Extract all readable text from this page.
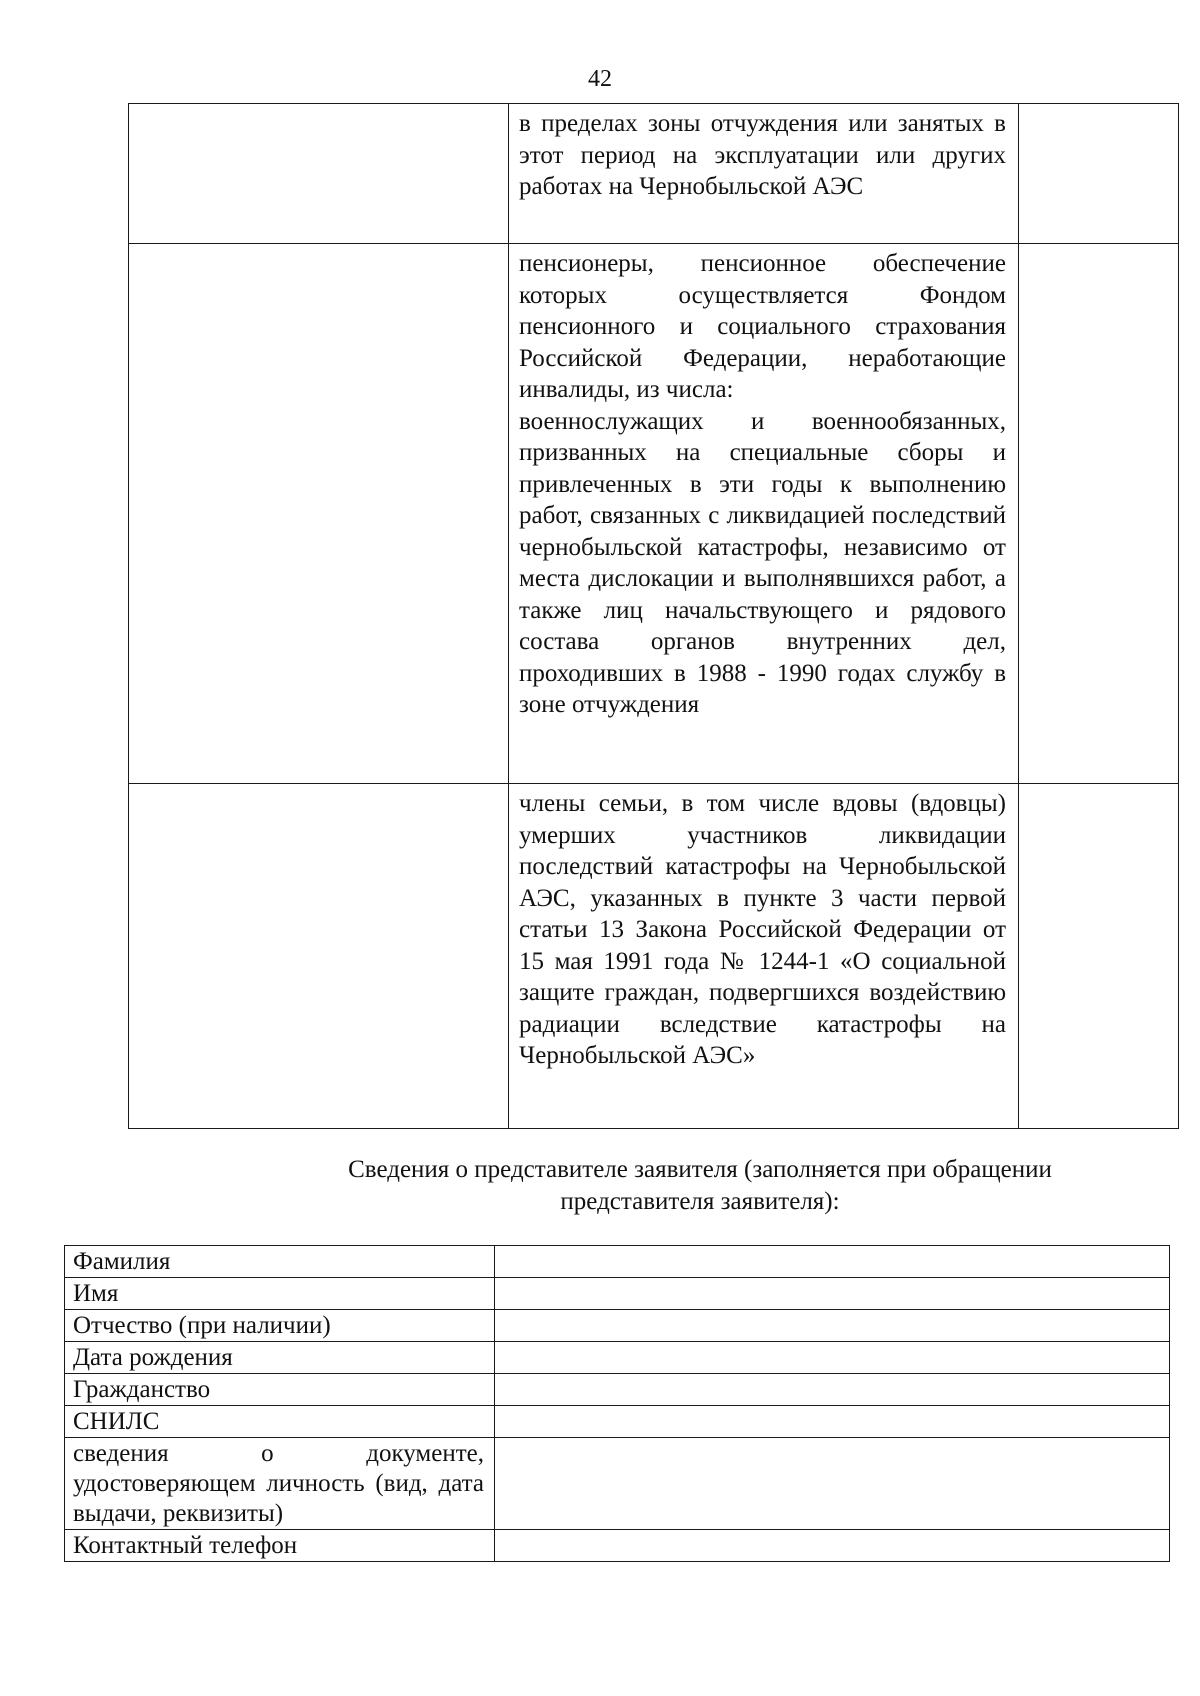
42

	в пределах зоны отчуждения или занятых в этот период на эксплуатации или других работах на Чернобыльской АЭС	

	пенсионеры, пенсионное обеспечение которых осуществляется Фондом пенсионного и социального страхования Российской Федерации, неработающие инвалиды, из числа:

военнослужащих и военнообязанных, призванных на специальные сборы и привлеченных в эти годы к выполнению работ, связанных с ликвидацией последствий чернобыльской катастрофы, независимо от места дислокации и выполнявшихся работ, а также лиц начальствующего и рядового состава органов внутренних дел, проходивших в 1988 - 1990 годах службу в зоне отчуждения	

	члены семьи, в том числе вдовы (вдовцы) умерших участников ликвидации последствий катастрофы на Чернобыльской АЭС, указанных в пункте 3 части первой статьи 13 Закона Российской Федерации от 15 мая 1991 года № 1244-1 «О социальной защите граждан, подвергшихся воздействию радиации вследствие катастрофы на Чернобыльской АЭС»	

Сведения о представителе заявителя (заполняется при обращении
представителя заявителя):
Фамилия	
Имя	
Отчество (при наличии)	
Дата рождения	
Гражданство	
СНИЛС	
сведения о документе, удостоверяющем личность (вид, дата выдачи, реквизиты)	
Контактный телефон	
